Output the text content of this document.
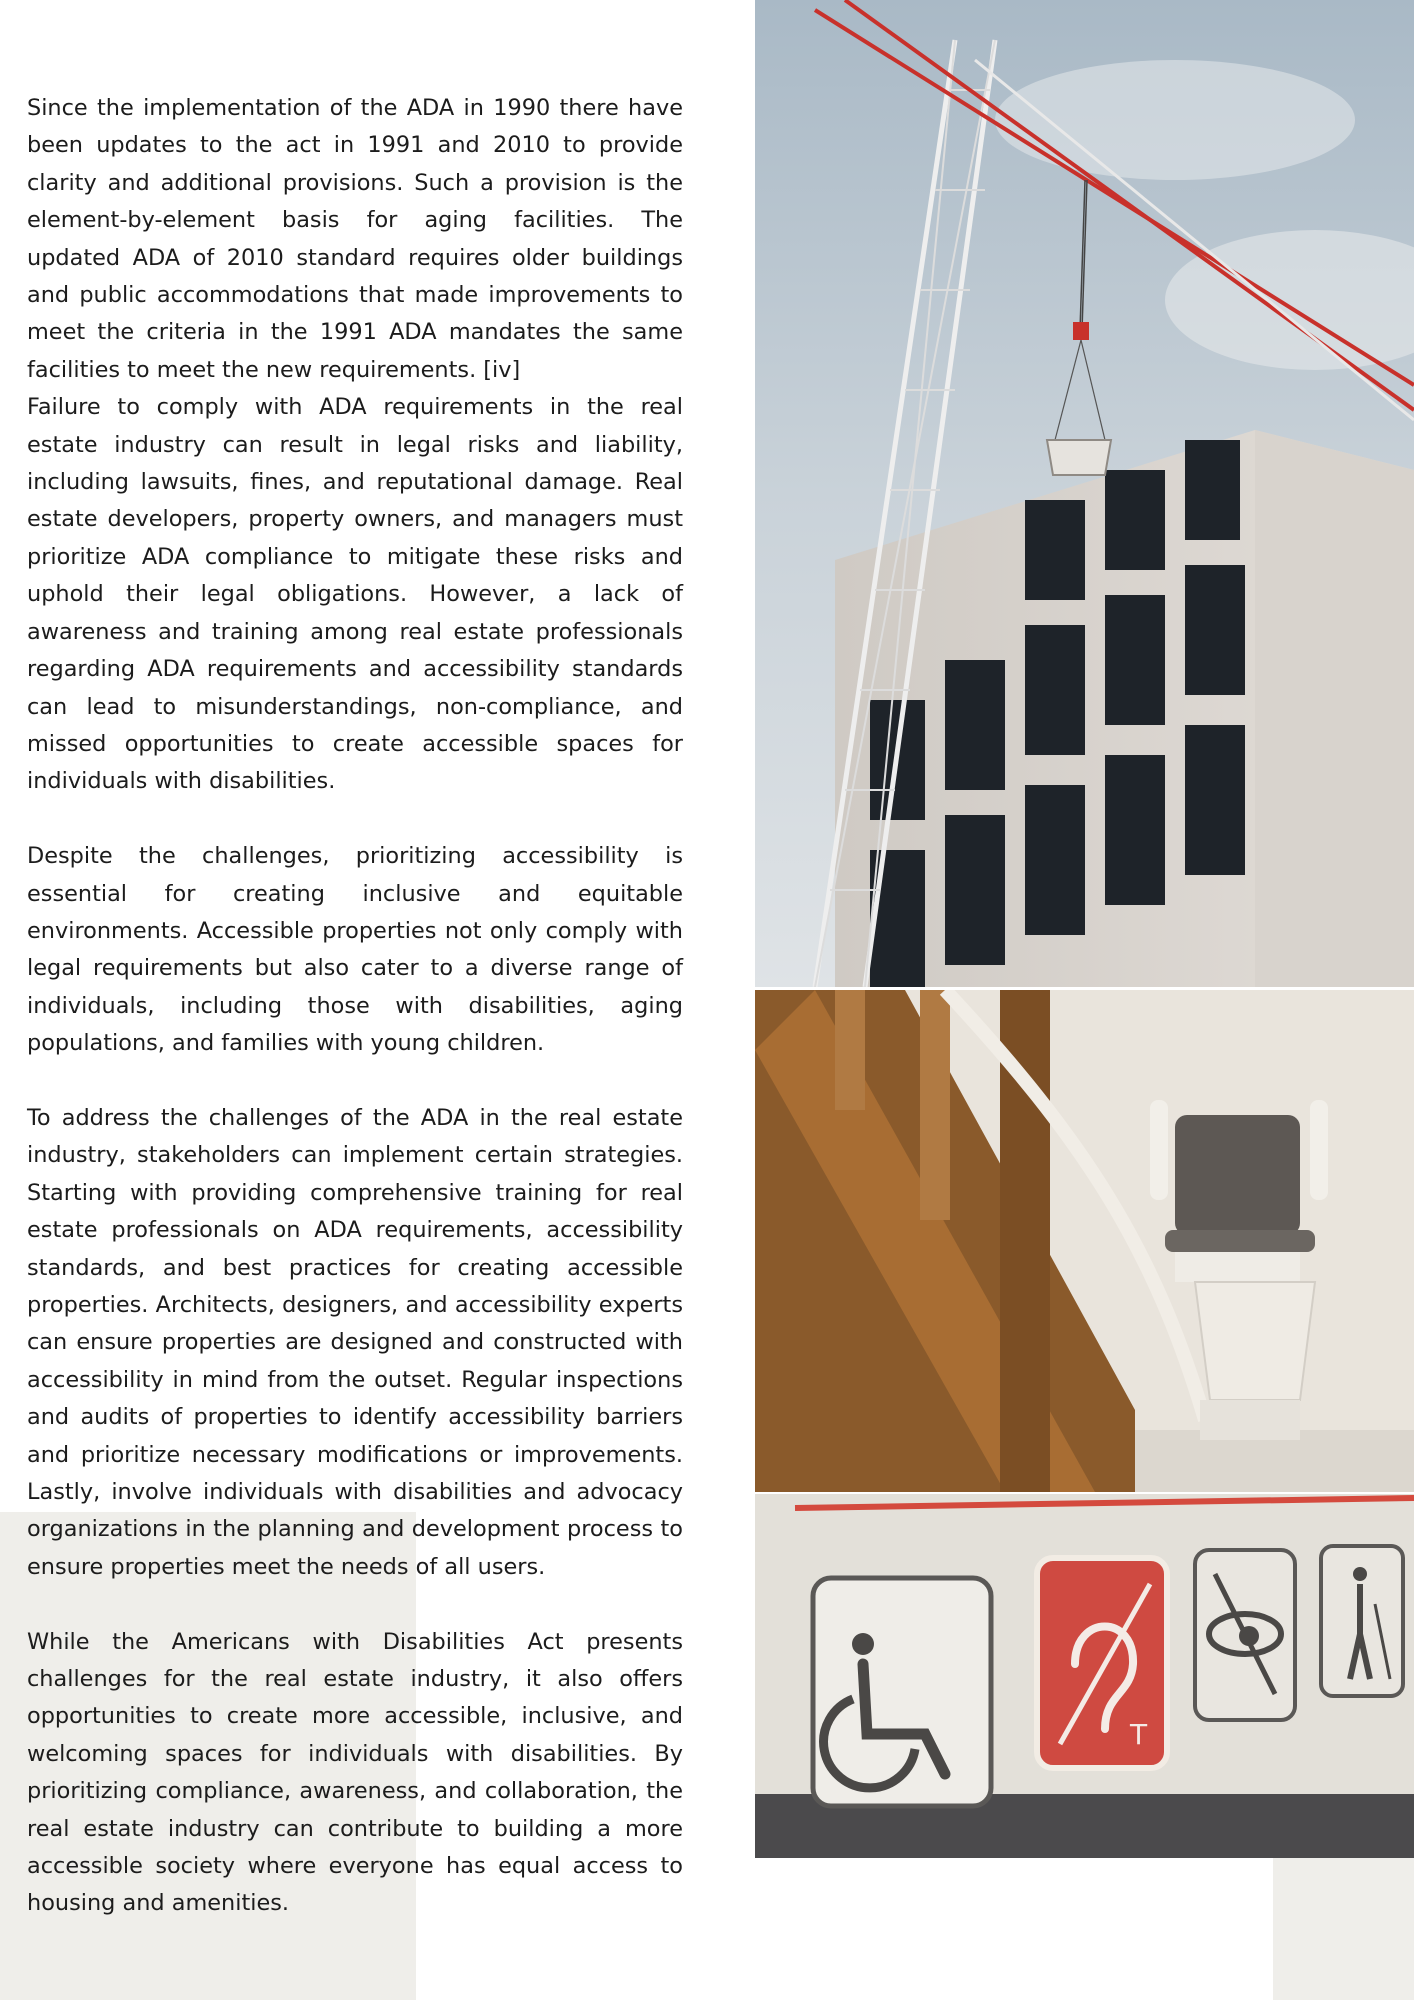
Since the implementation of the ADA in 1990 there have been updates to the act in 1991 and 2010 to provide clarity and additional provisions. Such a provision is the element-by-element basis for aging facilities. The updated ADA of 2010 standard requires older buildings and public accommodations that made improvements to meet the criteria in the 1991 ADA mandates the same facilities to meet the new requirements. [iv]

Failure to comply with ADA requirements in the real estate industry can result in legal risks and liability, including lawsuits, fines, and reputational damage. Real estate developers, property owners, and managers must prioritize ADA compliance to mitigate these risks and uphold their legal obligations. However, a lack of awareness and training among real estate professionals regarding ADA requirements and accessibility standards can lead to misunderstandings, non-compliance, and missed opportunities to create accessible spaces for individuals with disabilities.

Despite the challenges, prioritizing accessibility is essential for creating inclusive and equitable environments. Accessible properties not only comply with legal requirements but also cater to a diverse range of individuals, including those with disabilities, aging populations, and families with young children.

To address the challenges of the ADA in the real estate industry, stakeholders can implement certain strategies. Starting with providing comprehensive training for real estate professionals on ADA requirements, accessibility standards, and best practices for creating accessible properties. Architects, designers, and accessibility experts can ensure properties are designed and constructed with accessibility in mind from the outset. Regular inspections and audits of properties to identify accessibility barriers and prioritize necessary modifications or improvements. Lastly, involve individuals with disabilities and advocacy organizations in the planning and development process to ensure properties meet the needs of all users.

While the Americans with Disabilities Act presents challenges for the real estate industry, it also offers opportunities to create more accessible, inclusive, and welcoming spaces for individuals with disabilities. By prioritizing compliance, awareness, and collaboration, the real estate industry can contribute to building a more accessible society where everyone has equal access to housing and amenities.

T
